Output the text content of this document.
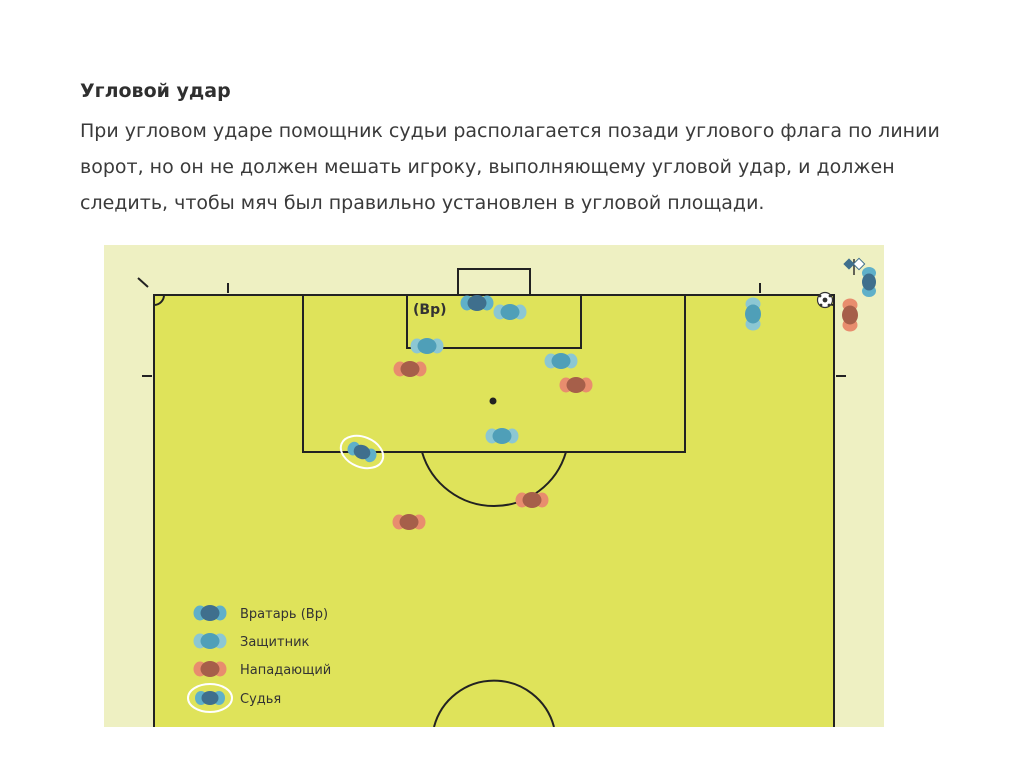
Угловой удар
При угловом ударе помощник судьи располагается позади углового флага по линии ворот, но он не должен мешать игроку, выполняющему угловой удар, и должен следить, чтобы мяч был правильно установлен в угловой площади.
(Вр)
Вратарь (Вр)
Защитник
Нападающий
Судья
